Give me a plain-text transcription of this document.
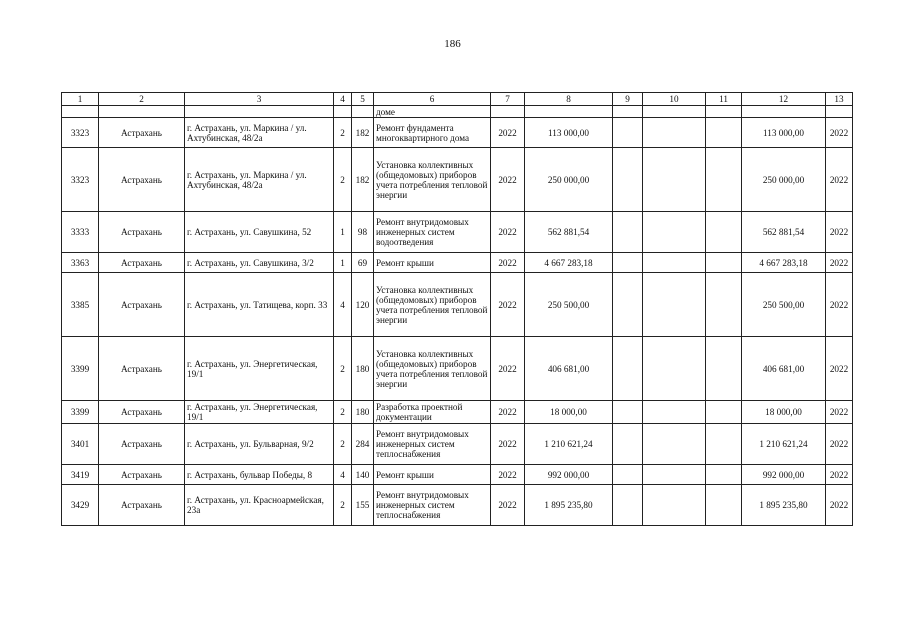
186
1	2	3	4	5	6	7	8	9	10	11	12	13
					доме							
3323	Астрахань	г. Астрахань, ул. Маркина / ул. Ахтубинская, 48/2а	2	182	Ремонт фундамента многоквартирного дома	2022	113 000,00				113 000,00	2022
3323	Астрахань	г. Астрахань, ул. Маркина / ул. Ахтубинская, 48/2а	2	182	Установка коллективных (общедомовых) приборов учета потребления тепловой энергии	2022	250 000,00				250 000,00	2022
3333	Астрахань	г. Астрахань, ул. Савушкина, 52	1	98	Ремонт внутридомовых инженерных систем водоотведения	2022	562 881,54				562 881,54	2022
3363	Астрахань	г. Астрахань, ул. Савушкина, 3/2	1	69	Ремонт крыши	2022	4 667 283,18				4 667 283,18	2022
3385	Астрахань	г. Астрахань, ул. Татищева, корп. 33	4	120	Установка коллективных (общедомовых) приборов учета потребления тепловой энергии	2022	250 500,00				250 500,00	2022
3399	Астрахань	г. Астрахань, ул. Энергетическая, 19/1	2	180	Установка коллективных (общедомовых) приборов учета потребления тепловой энергии	2022	406 681,00				406 681,00	2022
3399	Астрахань	г. Астрахань, ул. Энергетическая, 19/1	2	180	Разработка проектной документации	2022	18 000,00				18 000,00	2022
3401	Астрахань	г. Астрахань, ул. Бульварная, 9/2	2	284	Ремонт внутридомовых инженерных систем теплоснабжения	2022	1 210 621,24				1 210 621,24	2022
3419	Астрахань	г. Астрахань, бульвар Победы, 8	4	140	Ремонт крыши	2022	992 000,00				992 000,00	2022
3429	Астрахань	г. Астрахань, ул. Красноармейская, 23а	2	155	Ремонт внутридомовых инженерных систем теплоснабжения	2022	1 895 235,80				1 895 235,80	2022
